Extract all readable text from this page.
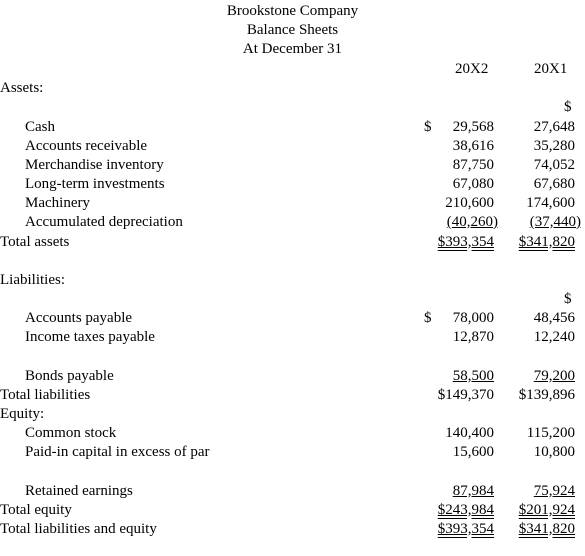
Brookstone Company
Balance Sheets
At December 31
20X2	20X1
Assets:
$
Cash	$ 29,568	27,648
Accounts receivable	38,616	35,280
Merchandise inventory	87,750	74,052
Long-term investments	67,080	67,680
Machinery	210,600 174,600
Accumulated depreciation	(40,260) (37,440)
Total assets	$393,354 $341,820
Liabilities:
$
Accounts payable	$ 78,000	48,456
Income taxes payable	12,870	12,240
Bonds payable	58,500	79,200
Total liabilities	$149,370 $139,896
Equity:
Common stock	140,400 115,200
Paid-in capital in excess of par	15,600	10,800
Retained earnings	87,984	75,924
Total equity	$243,984 $201,924
Total liabilities and equity	$393,354 $341,820
